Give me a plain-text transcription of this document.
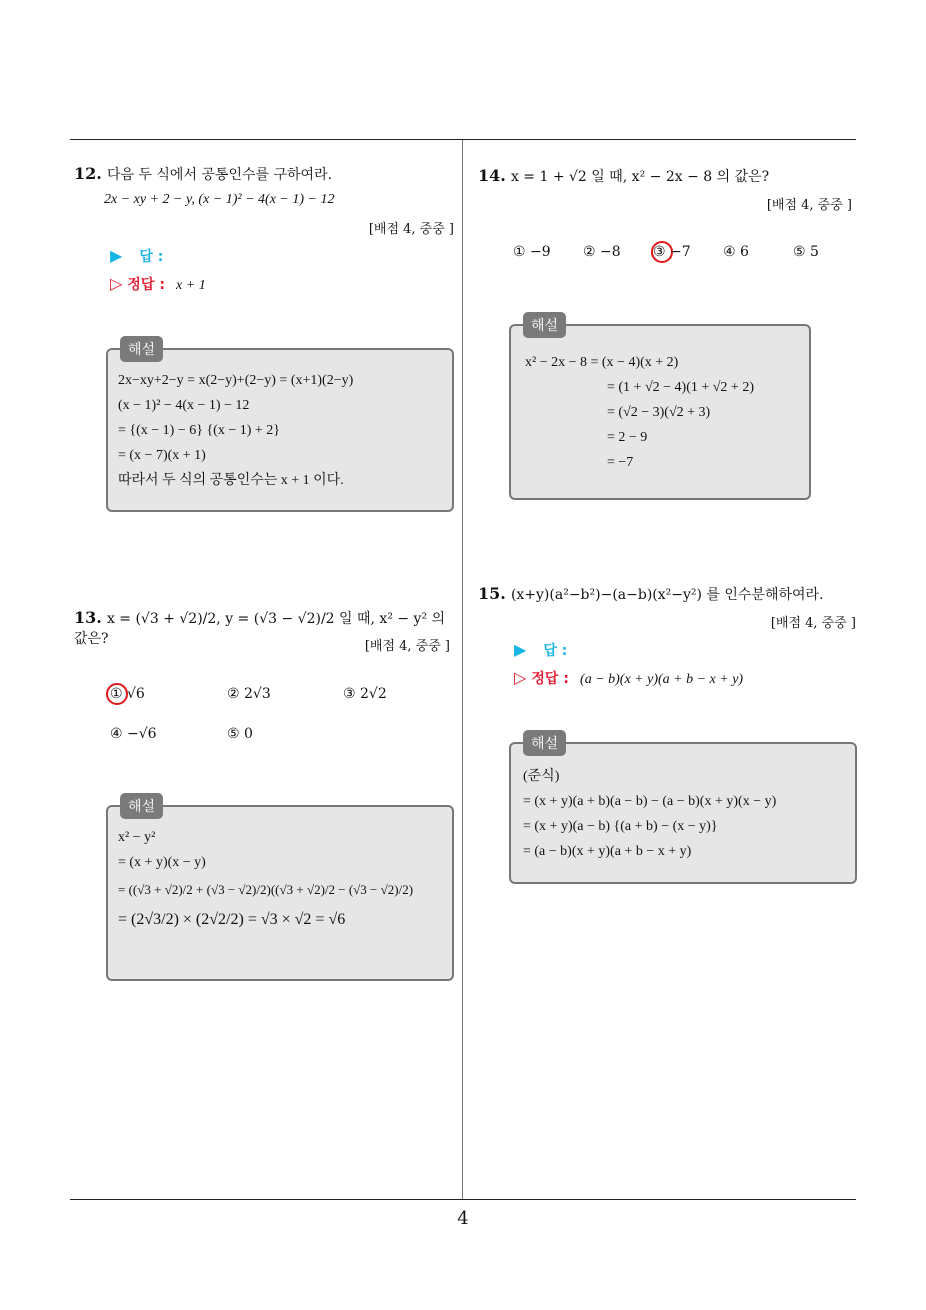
12. 다음 두 식에서 공통인수를 구하여라.
2x − xy + 2 − y, (x − 1)² − 4(x − 1) − 12
[배점 4, 중중 ]
▶ 답 :
▷ 정답 : x + 1
해설
2x−xy+2−y = x(2−y)+(2−y) = (x+1)(2−y)
(x − 1)² − 4(x − 1) − 12
= {(x − 1) − 6} {(x − 1) + 2}
= (x − 7)(x + 1)
따라서 두 식의 공통인수는 x + 1 이다.
13. x = (√3 + √2)/2, y = (√3 − √2)/2 일 때, x² − y² 의 값은?	[배점 4, 중중 ]
① √6	② 2√3	③ 2√2
④ −√6	⑤ 0
해설
x² − y²
= (x + y)(x − y)
= ((√3 + √2)/2 + (√3 − √2)/2)((√3 + √2)/2 − (√3 − √2)/2)
= (2√3/2) × (2√2/2) = √3 × √2 = √6
14. x = 1 + √2 일 때, x² − 2x − 8 의 값은?
[배점 4, 중중 ]
① −9 ② −8 ③ −7 ④ 6	⑤ 5
해설
x² − 2x − 8 = (x − 4)(x + 2)
= (1 + √2 − 4)(1 + √2 + 2)
= (√2 − 3)(√2 + 3)
= 2 − 9
= −7
15. (x+y)(a²−b²)−(a−b)(x²−y²) 를 인수분해하여라.
[배점 4, 중중 ]
▶ 답 :
▷ 정답 : (a − b)(x + y)(a + b − x + y)
해설
(준식)
= (x + y)(a + b)(a − b) − (a − b)(x + y)(x − y)
= (x + y)(a − b) {(a + b) − (x − y)}
= (a − b)(x + y)(a + b − x + y)
4
